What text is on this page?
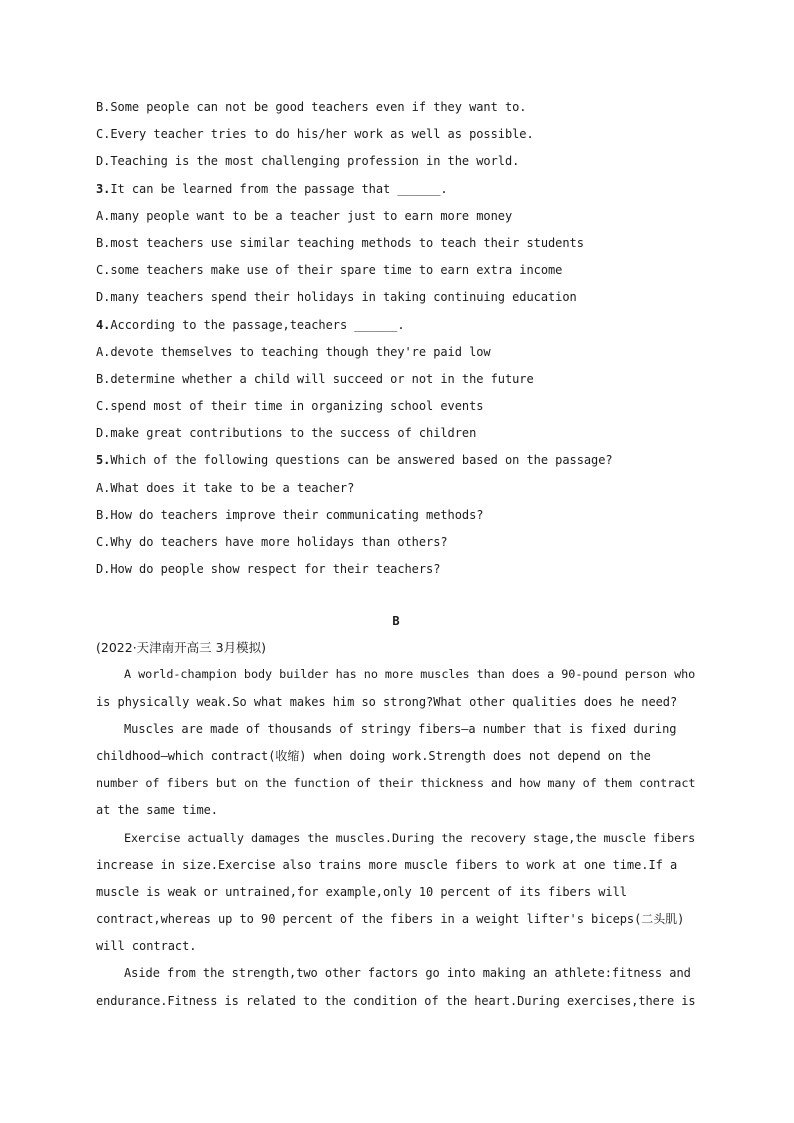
B.Some people can not be good teachers even if they want to.
C.Every teacher tries to do his/her work as well as possible.
D.Teaching is the most challenging profession in the world.
3.It can be learned from the passage that ______.
A.many people want to be a teacher just to earn more money
B.most teachers use similar teaching methods to teach their students
C.some teachers make use of their spare time to earn extra income
D.many teachers spend their holidays in taking continuing education
4.According to the passage,teachers ______.
A.devote themselves to teaching though they're paid low
B.determine whether a child will succeed or not in the future
C.spend most of their time in organizing school events
D.make great contributions to the success of children
5.Which of the following questions can be answered based on the passage?
A.What does it take to be a teacher?
B.How do teachers improve their communicating methods?
C.Why do teachers have more holidays than others?
D.How do people show respect for their teachers?
B
(2022·天津南开高三 3月模拟)
A world-champion body builder has no more muscles than does a 90-pound person who
is physically weak.So what makes him so strong?What other qualities does he need?
Muscles are made of thousands of stringy fibers—a number that is fixed during
childhood—which contract(收缩) when doing work.Strength does not depend on the
number of fibers but on the function of their thickness and how many of them contract
at the same time.
Exercise actually damages the muscles.During the recovery stage,the muscle fibers
increase in size.Exercise also trains more muscle fibers to work at one time.If a
muscle is weak or untrained,for example,only 10 percent of its fibers will
contract,whereas up to 90 percent of the fibers in a weight lifter's biceps(二头肌)
will contract.
Aside from the strength,two other factors go into making an athlete:fitness and
endurance.Fitness is related to the condition of the heart.During exercises,there is
